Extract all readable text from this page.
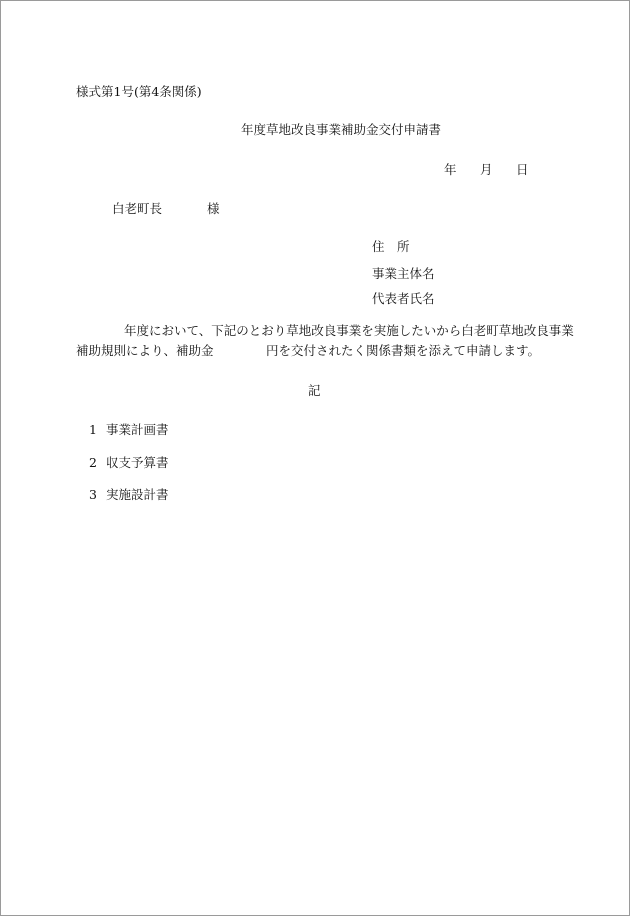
様式第1号(第4条関係)
年度草地改良事業補助金交付申請書
年 月 日
白老町長	様
住　所
事業主体名
代表者氏名
年度において、下記のとおり草地改良事業を実施したいから白老町草地改良事業
補助規則により、補助金	円を交付されたく関係書類を添えて申請します。
記
1 事業計画書
2 収支予算書
3 実施設計書
